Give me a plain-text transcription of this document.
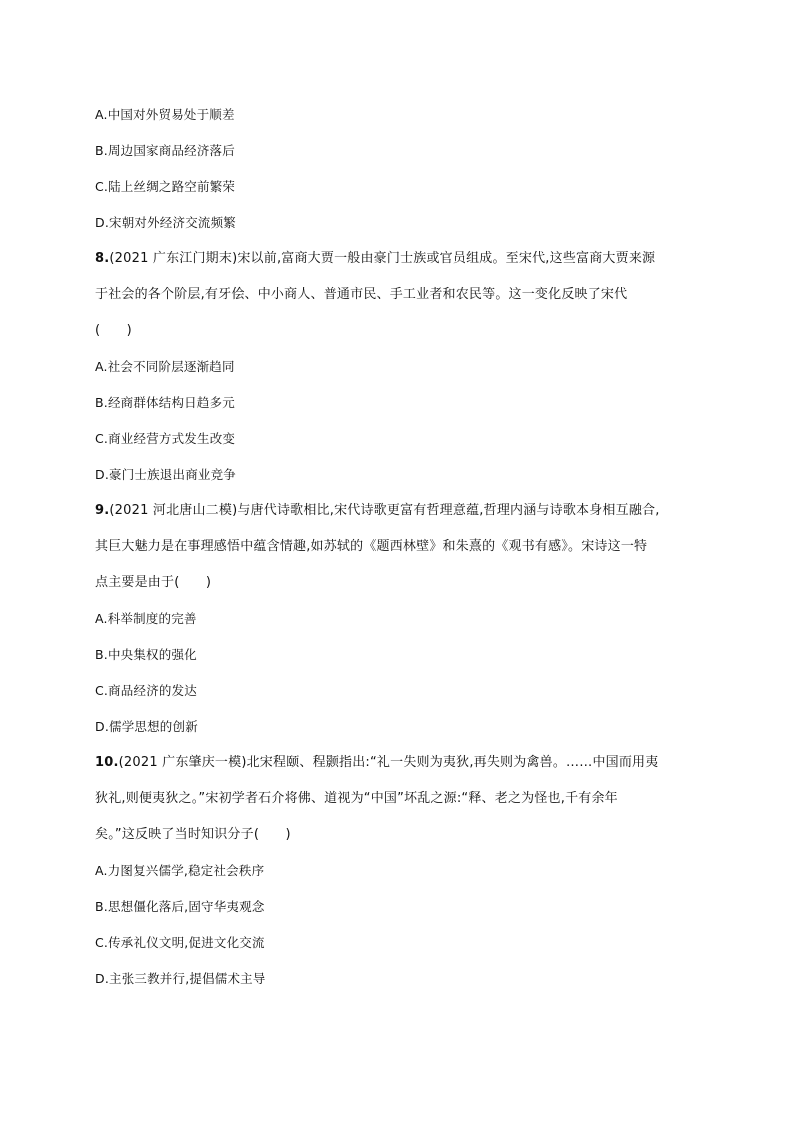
A.中国对外贸易处于顺差
B.周边国家商品经济落后
C.陆上丝绸之路空前繁荣
D.宋朝对外经济交流频繁
8.(2021 广东江门期末)宋以前,富商大贾一般由豪门士族或官员组成。至宋代,这些富商大贾来源
于社会的各个阶层,有牙侩、中小商人、普通市民、手工业者和农民等。这一变化反映了宋代
(　　)
A.社会不同阶层逐渐趋同
B.经商群体结构日趋多元
C.商业经营方式发生改变
D.豪门士族退出商业竞争
9.(2021 河北唐山二模)与唐代诗歌相比,宋代诗歌更富有哲理意蕴,哲理内涵与诗歌本身相互融合,
其巨大魅力是在事理感悟中蕴含情趣,如苏轼的《题西林壁》和朱熹的《观书有感》。宋诗这一特
点主要是由于(　　)
A.科举制度的完善
B.中央集权的强化
C.商品经济的发达
D.儒学思想的创新
10.(2021 广东肇庆一模)北宋程颐、程颢指出:“礼一失则为夷狄,再失则为禽兽。……中国而用夷
狄礼,则便夷狄之。”宋初学者石介将佛、道视为“中国”坏乱之源:“释、老之为怪也,千有余年
矣。”这反映了当时知识分子(　　)
A.力图复兴儒学,稳定社会秩序
B.思想僵化落后,固守华夷观念
C.传承礼仪文明,促进文化交流
D.主张三教并行,提倡儒术主导
